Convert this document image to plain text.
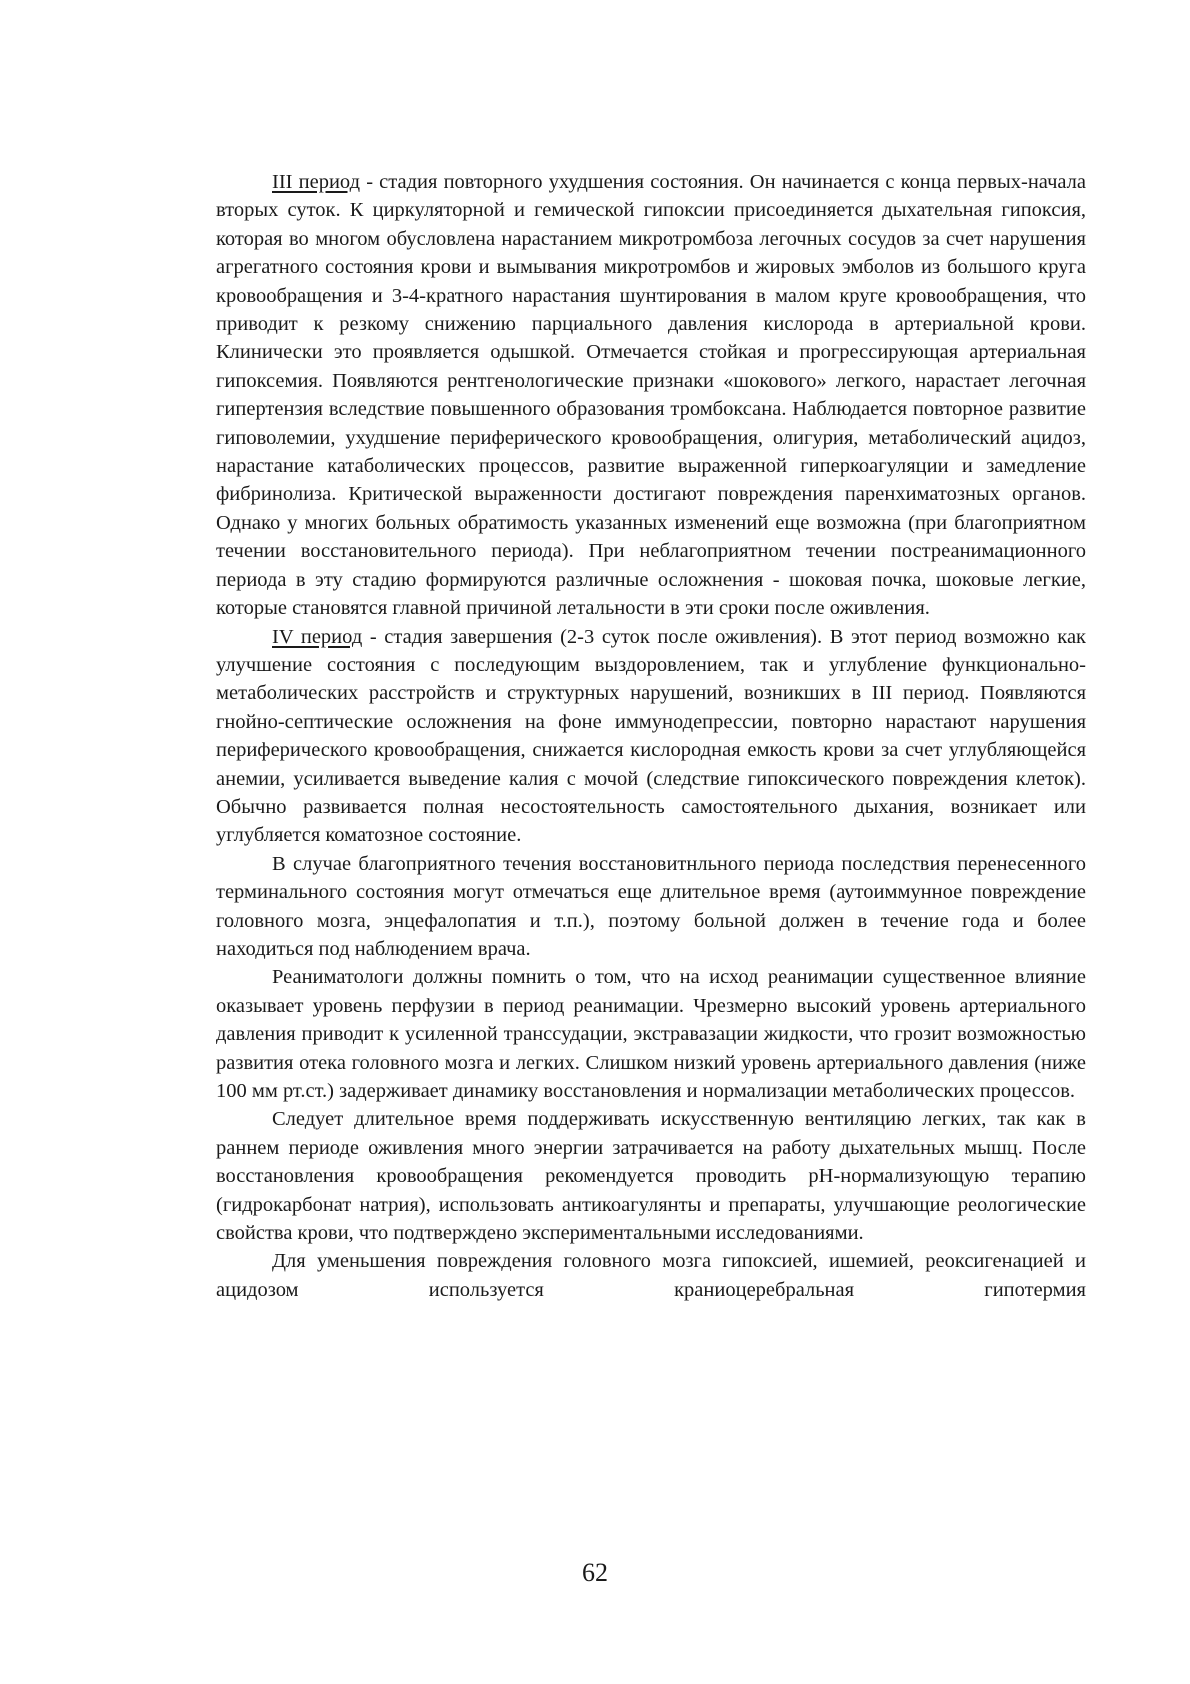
III период - стадия повторного ухудшения состояния. Он начинается с конца первых-начала вторых суток. К циркуляторной и гемической гипоксии присоединяется дыхательная гипоксия, которая во многом обусловлена нарастанием микротромбоза легочных сосудов за счет нарушения агрегатного состояния крови и вымывания микротромбов и жировых эмболов из большого круга кровообращения и 3-4-кратного нарастания шунтирования в малом круге кровообращения, что приводит к резкому снижению парциального давления кислорода в артериальной крови. Клинически это проявляется одышкой. Отмечается стойкая и прогрессирующая артериальная гипоксемия. Появляются рентгенологические признаки «шокового» легкого, нарастает легочная гипертензия вследствие повышенного образования тромбоксана. Наблюдается повторное развитие гиповолемии, ухудшение периферического кровообращения, олигурия, метаболический ацидоз, нарастание катаболических процессов, развитие выраженной гиперкоагуляции и замедление фибринолиза. Критической выраженности достигают повреждения паренхиматозных органов. Однако у многих больных обратимость указанных изменений еще возможна (при благоприятном течении восстановительного периода). При неблагоприятном течении постреанимационного периода в эту стадию формируются различные осложнения - шоковая почка, шоковые легкие, которые становятся главной причиной летальности в эти сроки после оживления.

IV период - стадия завершения (2-3 суток после оживления). В этот период возможно как улучшение состояния с последующим выздоровлением, так и углубление функционально-метаболических расстройств и структурных нарушений, возникших в III период. Появляются гнойно-септические осложнения на фоне иммунодепрессии, повторно нарастают нарушения периферического кровообращения, снижается кислородная емкость крови за счет углубляющейся анемии, усиливается выведение калия с мочой (следствие гипоксического повреждения клеток). Обычно развивается полная несостоятельность самостоятельного дыхания, возникает или углубляется коматозное состояние.

В случае благоприятного течения восстановитнльного периода последствия перенесенного терминального состояния могут отмечаться еще длительное время (аутоиммунное повреждение головного мозга, энцефалопатия и т.п.), поэтому больной должен в течение года и более находиться под наблюдением врача.

Реаниматологи должны помнить о том, что на исход реанимации существенное влияние оказывает уровень перфузии в период реанимации. Чрезмерно высокий уровень артериального давления приводит к усиленной транссудации, экстравазации жидкости, что грозит возможностью развития отека головного мозга и легких. Слишком низкий уровень артериального давления (ниже 100 мм рт.ст.) задерживает динамику восстановления и нормализации метаболических процессов.

Следует длительное время поддерживать искусственную вентиляцию легких, так как в раннем периоде оживления много энергии затрачивается на работу дыхательных мышц. После восстановления кровообращения рекомендуется проводить pH-нормализующую терапию (гидрокарбонат натрия), использовать антикоагулянты и препараты, улучшающие реологические свойства крови, что подтверждено экспериментальными исследованиями.

Для уменьшения повреждения головного мозга гипоксией, ишемией, реоксигенацией и ацидозом используется краниоцеребральная гипотермия

62
